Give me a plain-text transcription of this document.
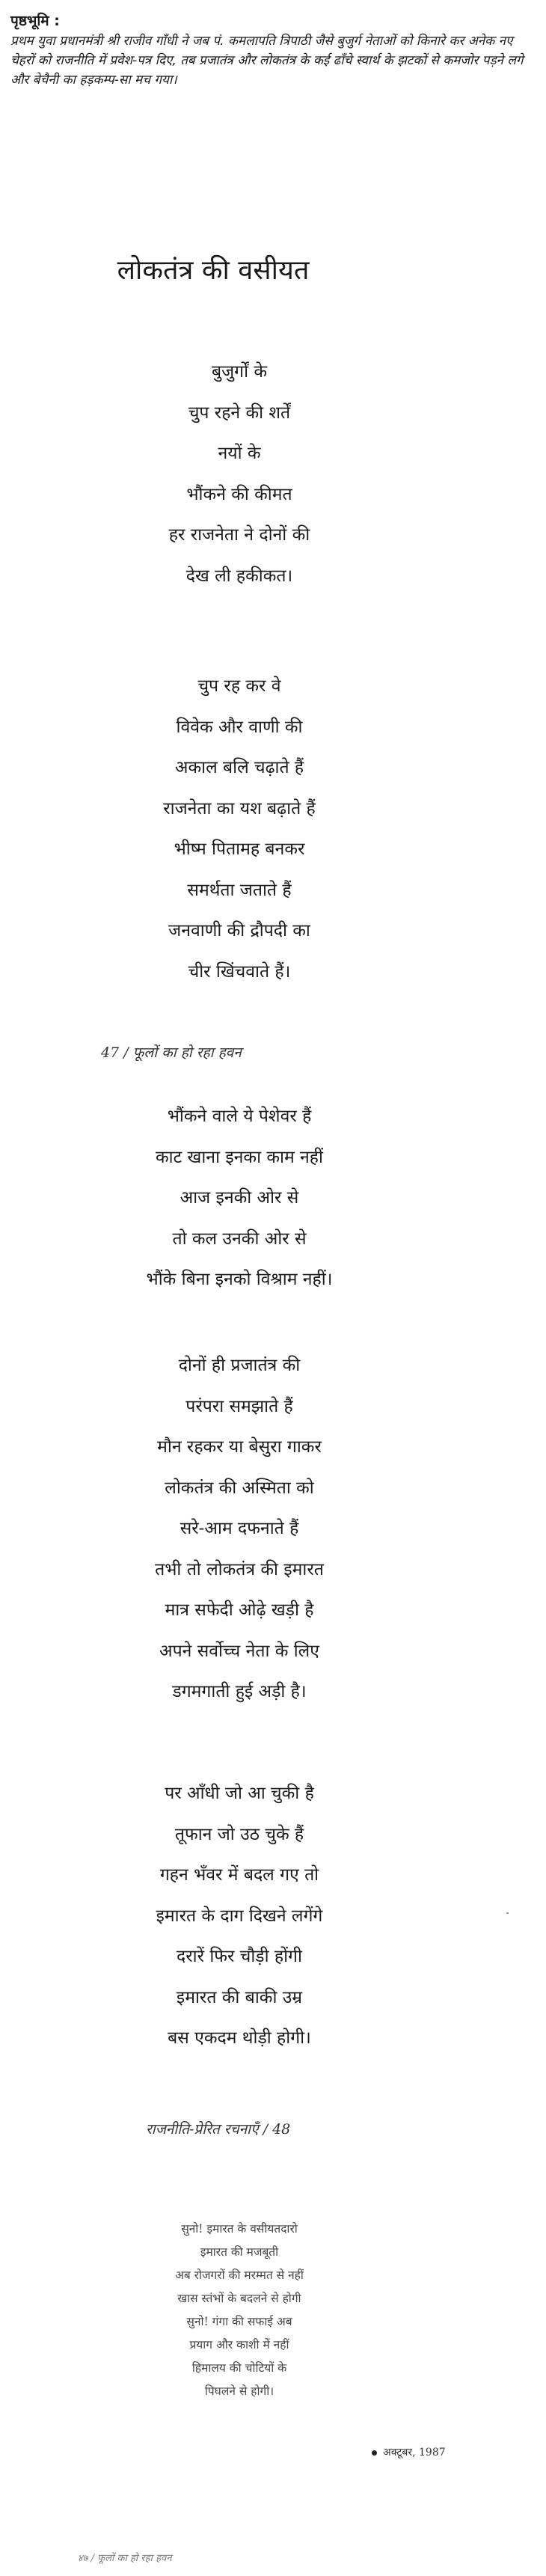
पृष्ठभूमि :
प्रथम युवा प्रधानमंत्री श्री राजीव गाँधी ने जब पं. कमलापति त्रिपाठी जैसे बुजुर्ग नेताओं को किनारे कर अनेक नए चेहरों को राजनीति में प्रवेश-पत्र दिए, तब प्रजातंत्र और लोकतंत्र के कई ढाँचे स्वार्थ के झटकों से कमजोर पड़ने लगे और बेचैनी का हड़कम्प-सा मच गया।
लोकतंत्र की वसीयत
बुजुर्गों के
चुप रहने की शर्तें
नयों के
भौंकने की कीमत
हर राजनेता ने दोनों की
देख ली हकीकत।
चुप रह कर वे
विवेक और वाणी की
अकाल बलि चढ़ाते हैं
राजनेता का यश बढ़ाते हैं
भीष्म पितामह बनकर
समर्थता जताते हैं
जनवाणी की द्रौपदी का
चीर खिंचवाते हैं।
47 / फूलों का हो रहा हवन
भौंकने वाले ये पेशेवर हैं
काट खाना इनका काम नहीं
आज इनकी ओर से
तो कल उनकी ओर से
भौंके बिना इनको विश्राम नहीं।
दोनों ही प्रजातंत्र की
परंपरा समझाते हैं
मौन रहकर या बेसुरा गाकर
लोकतंत्र की अस्मिता को
सरे-आम दफनाते हैं
तभी तो लोकतंत्र की इमारत
मात्र सफेदी ओढ़े खड़ी है
अपने सर्वोच्च नेता के लिए
डगमगाती हुई अड़ी है।
पर आँधी जो आ चुकी है
तूफान जो उठ चुके हैं
गहन भँवर में बदल गए तो
इमारत के दाग दिखने लगेंगे
दरारें फिर चौड़ी होंगी
इमारत की बाकी उम्र
बस एकदम थोड़ी होगी।
राजनीति-प्रेरित रचनाएँ / 48
सुनो! इमारत के वसीयतदारो
इमारत की मजबूती
अब रोजगरों की मरम्मत से नहीं
खास स्तंभों के बदलने से होगी
सुनो! गंगा की सफाई अब
प्रयाग और काशी में नहीं
हिमालय की चोटियों के
पिघलने से होगी।
अक्टूबर, 1987
४७ / फूलों का हो रहा हवन
